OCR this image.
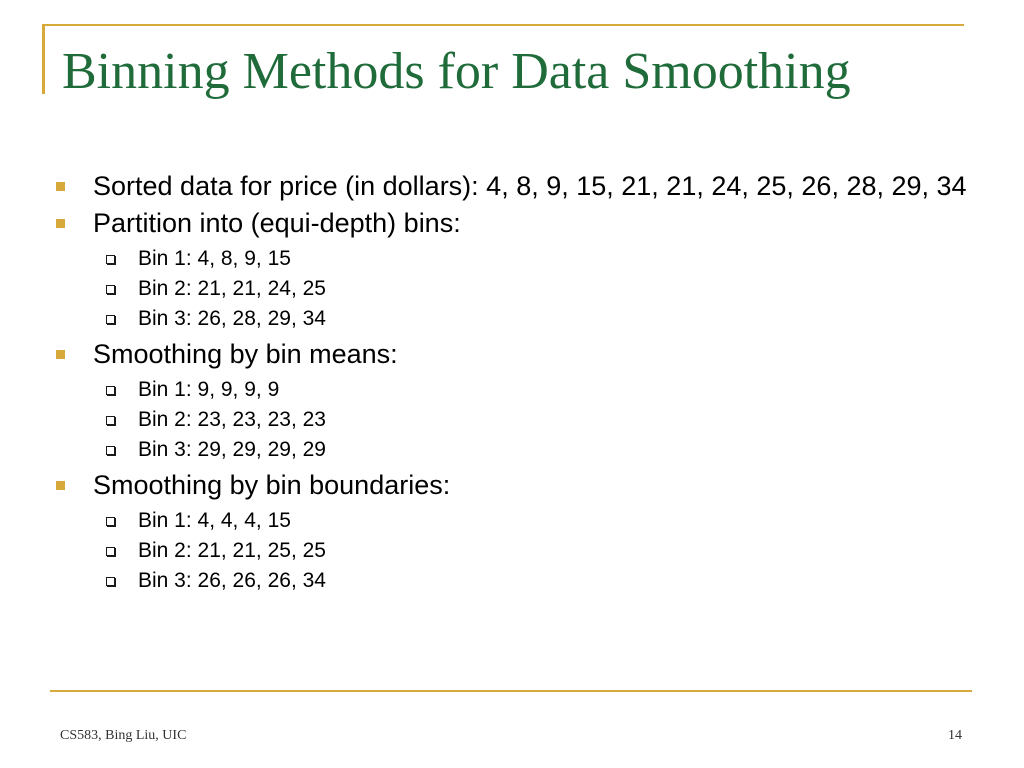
Binning Methods for Data Smoothing
Sorted data for price (in dollars): 4, 8, 9, 15, 21, 21, 24, 25, 26, 28, 29, 34
Partition into (equi-depth) bins:
Bin 1: 4, 8, 9, 15
Bin 2: 21, 21, 24, 25
Bin 3: 26, 28, 29, 34
Smoothing by bin means:
Bin 1: 9, 9, 9, 9
Bin 2: 23, 23, 23, 23
Bin 3: 29, 29, 29, 29
Smoothing by bin boundaries:
Bin 1: 4, 4, 4, 15
Bin 2: 21, 21, 25, 25
Bin 3: 26, 26, 26, 34
CS583, Bing Liu, UIC	14
